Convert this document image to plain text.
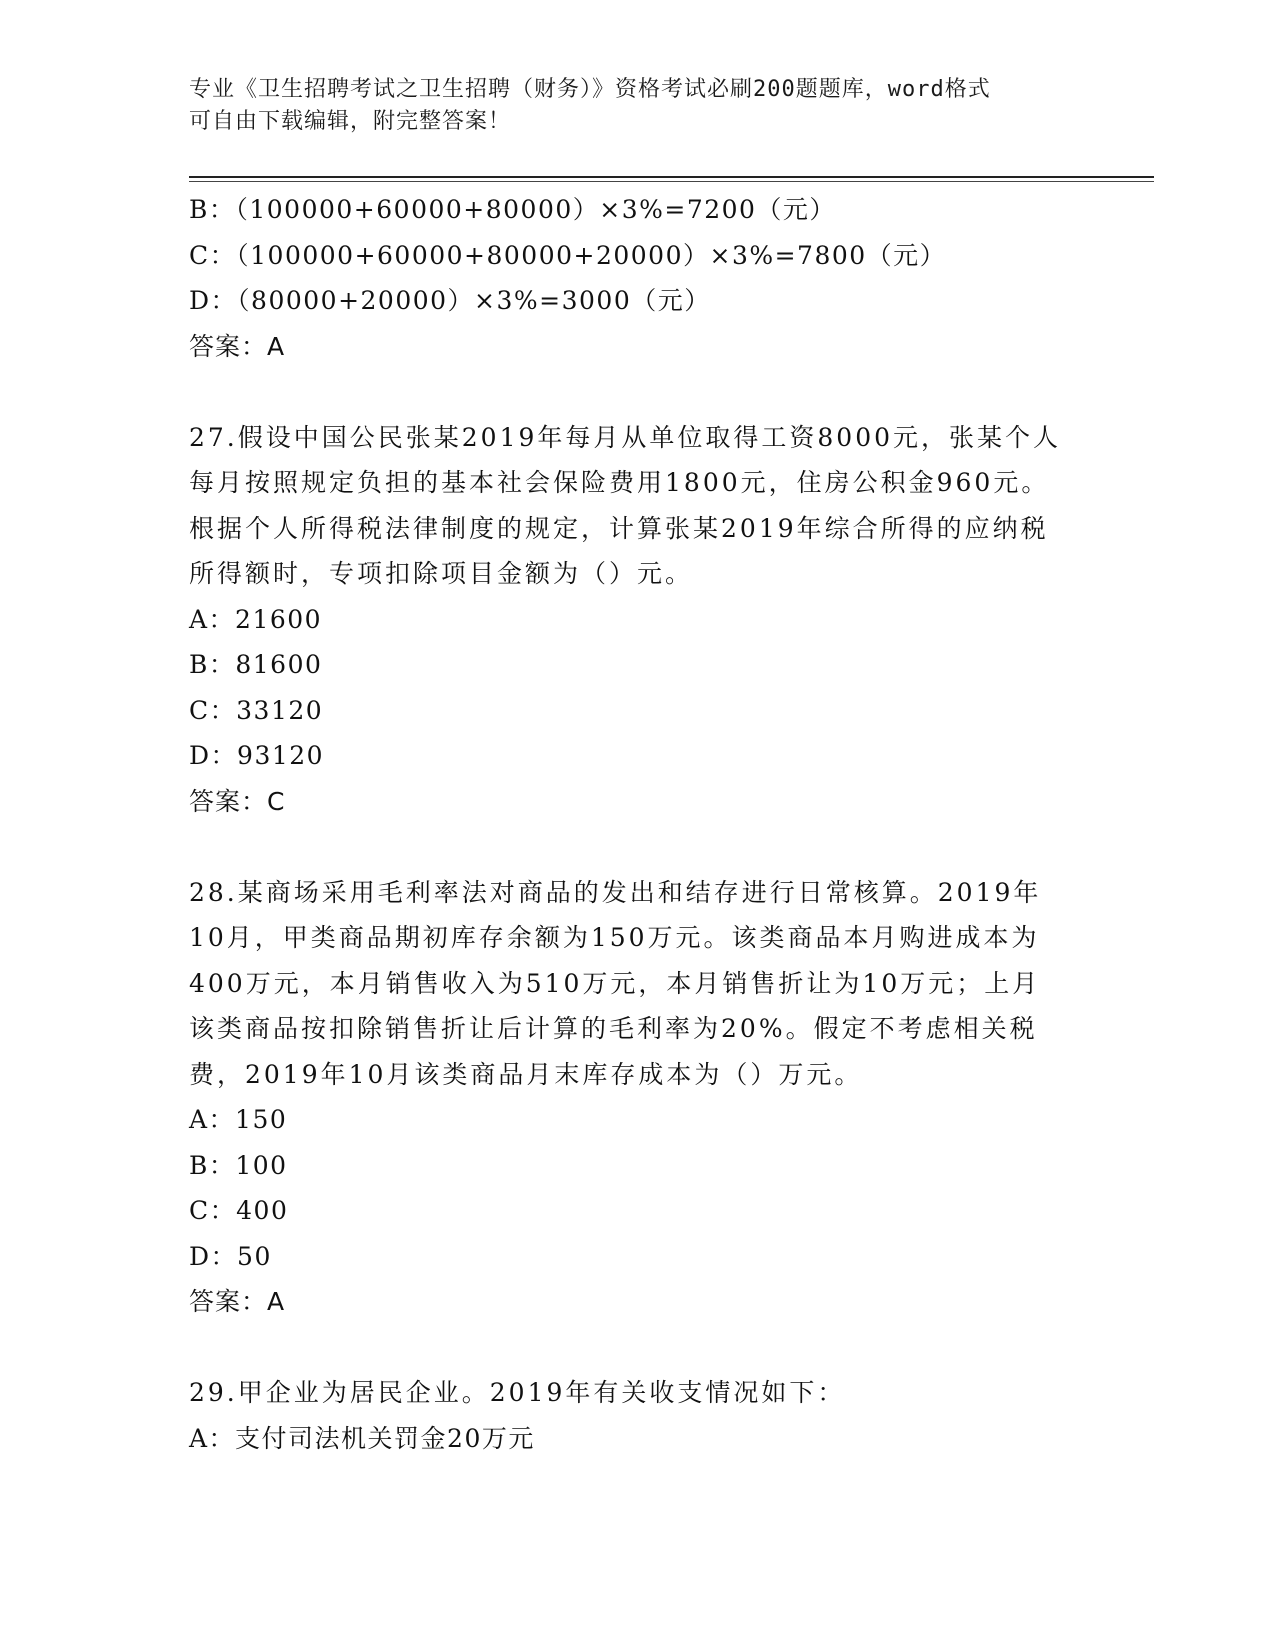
专业《卫生招聘考试之卫生招聘（财务）》资格考试必刷200题题库，word格式
可自由下载编辑，附完整答案！
B：（100000+60000+80000）×3%=7200（元）
C：（100000+60000+80000+20000）×3%=7800（元）
D：（80000+20000）×3%=3000（元）
答案：A
27.假设中国公民张某2019年每月从单位取得工资8000元，张某个人
每月按照规定负担的基本社会保险费用1800元，住房公积金960元。
根据个人所得税法律制度的规定，计算张某2019年综合所得的应纳税
所得额时，专项扣除项目金额为（）元。
A：21600
B：81600
C：33120
D：93120
答案：C
28.某商场采用毛利率法对商品的发出和结存进行日常核算。2019年
10月，甲类商品期初库存余额为150万元。该类商品本月购进成本为
400万元，本月销售收入为510万元，本月销售折让为10万元；上月
该类商品按扣除销售折让后计算的毛利率为20%。假定不考虑相关税
费，2019年10月该类商品月末库存成本为（）万元。
A：150
B：100
C：400
D：50
答案：A
29.甲企业为居民企业。2019年有关收支情况如下：
A：支付司法机关罚金20万元
